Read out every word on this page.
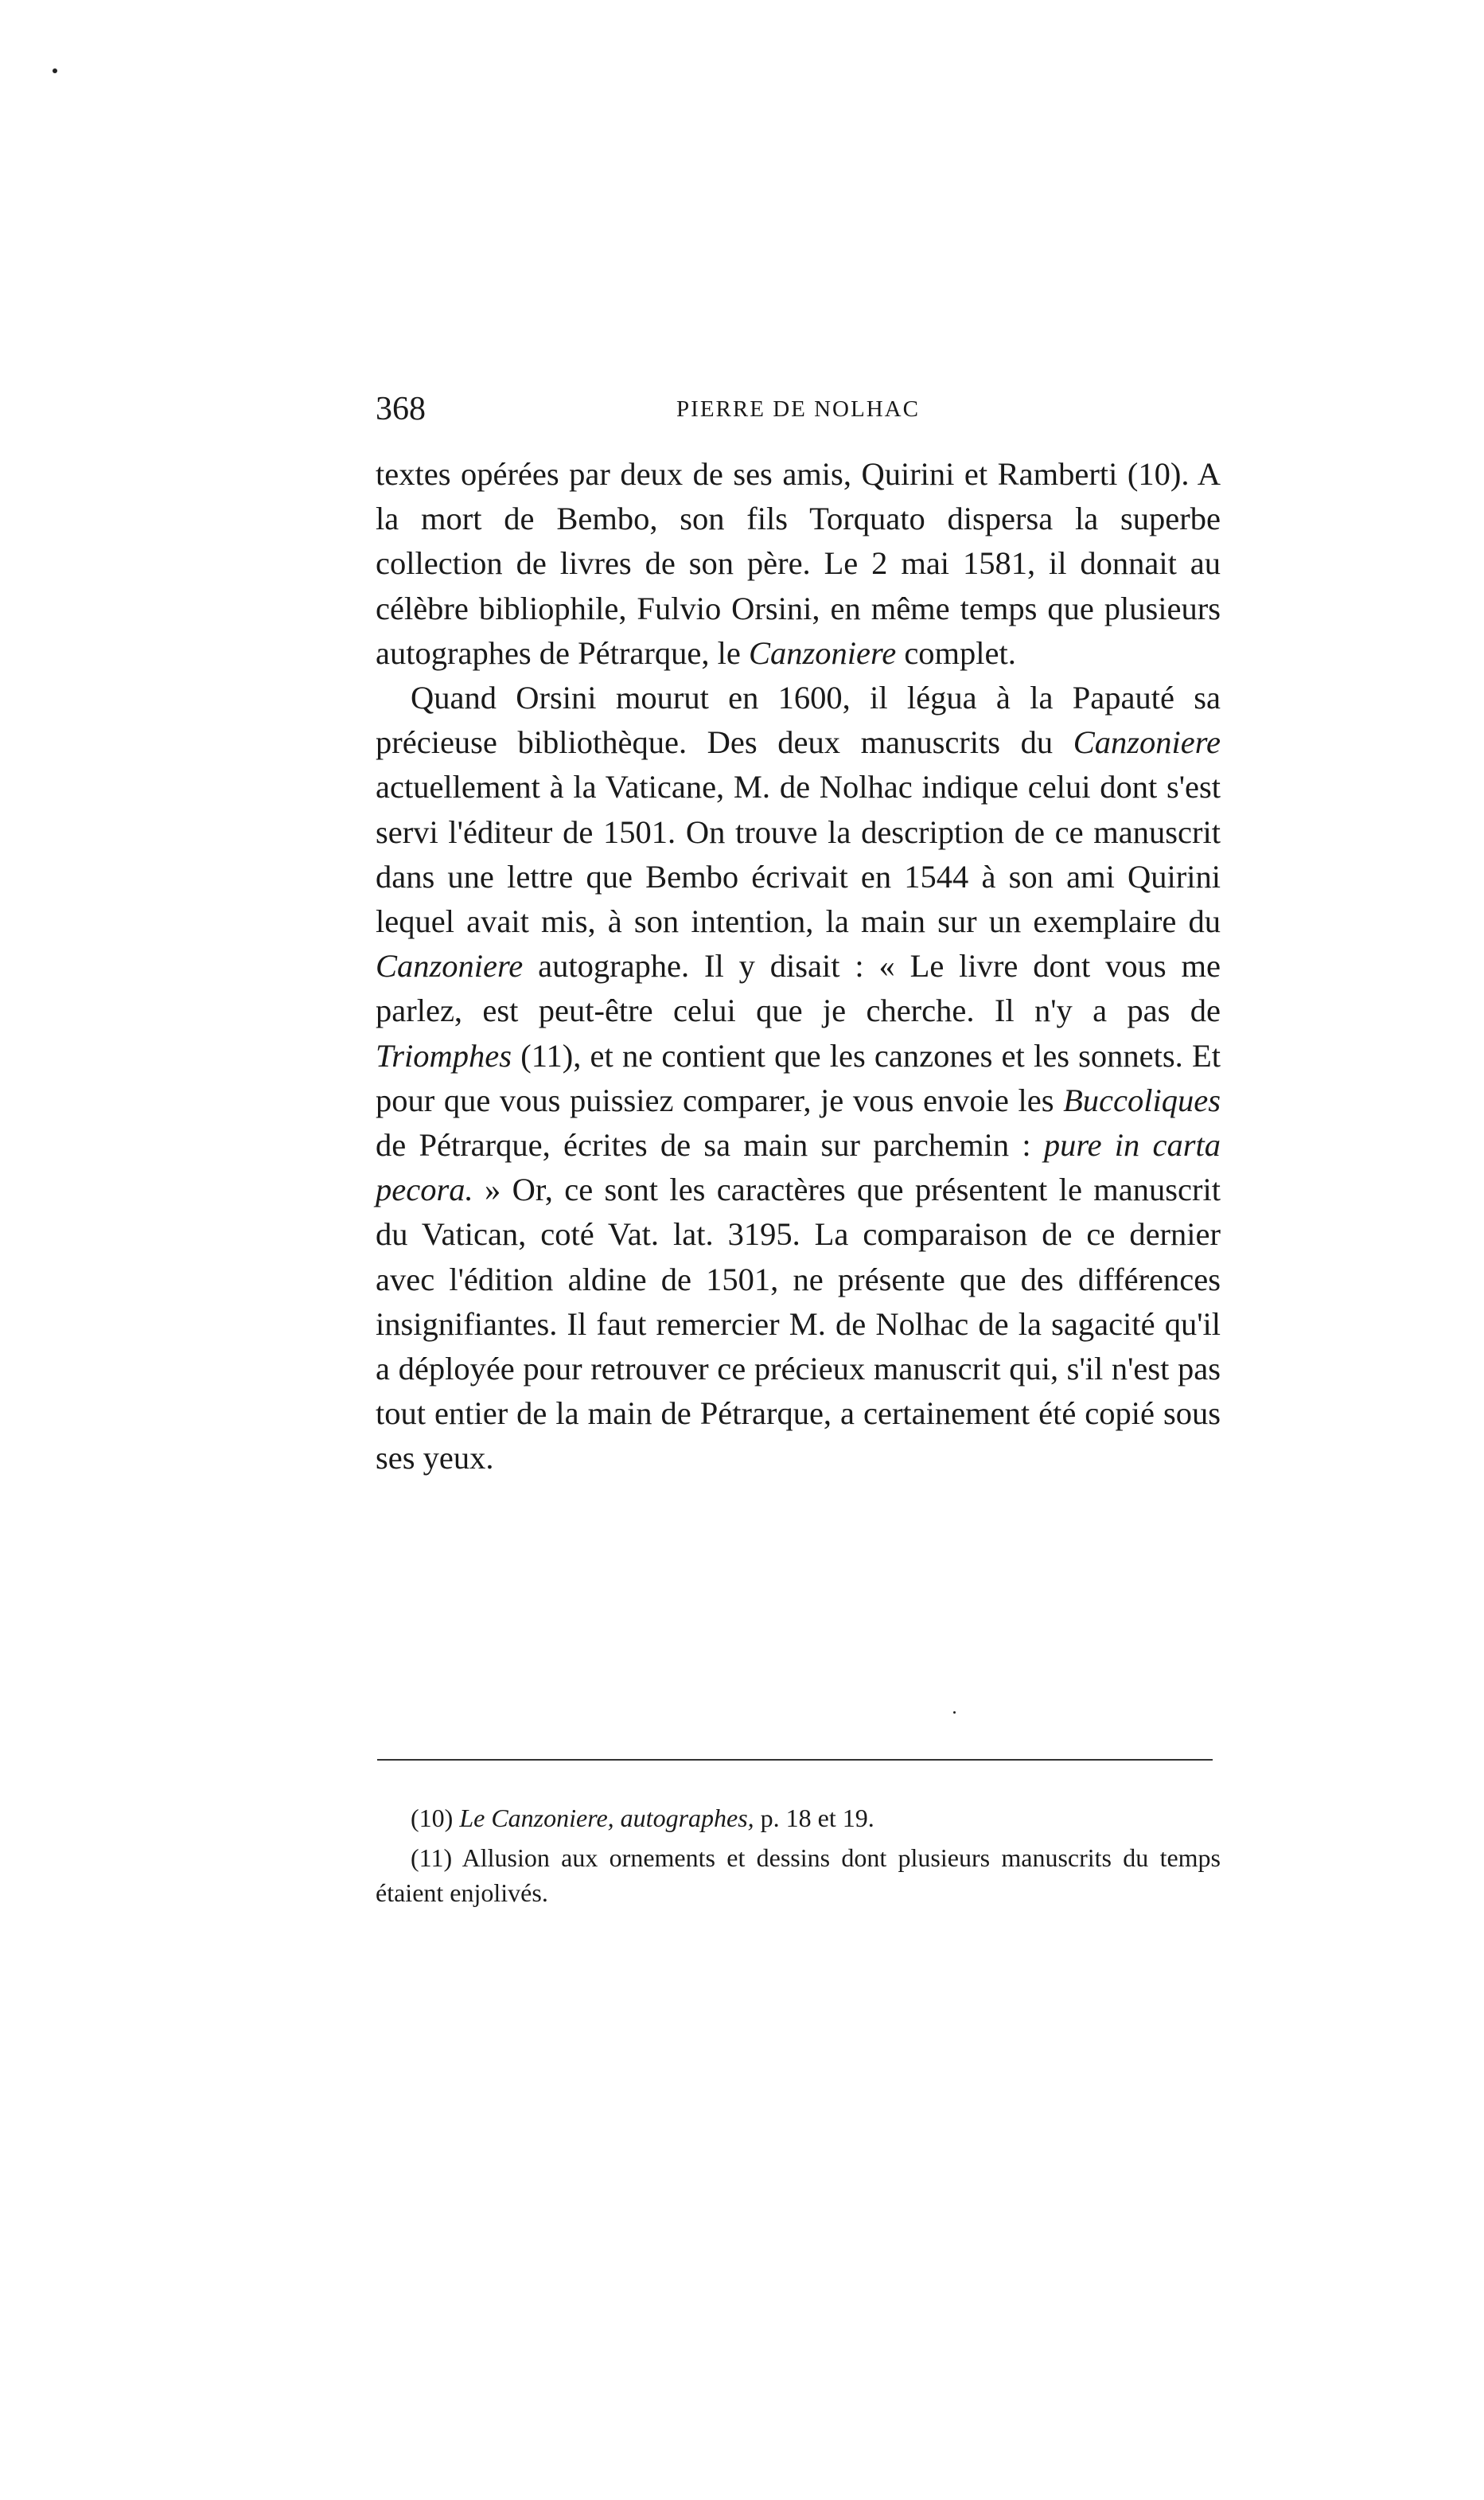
368	PIERRE DE NOLHAC

textes opérées par deux de ses amis, Quirini et Ramberti (10). A la mort de Bembo, son fils Torquato dispersa la superbe collection de livres de son père. Le 2 mai 1581, il donnait au célèbre bibliophile, Fulvio Orsini, en même temps que plusieurs autographes de Pétrarque, le Canzoniere complet.

Quand Orsini mourut en 1600, il légua à la Papauté sa précieuse bibliothèque. Des deux manuscrits du Canzoniere actuellement à la Vaticane, M. de Nolhac indique celui dont s'est servi l'éditeur de 1501. On trouve la description de ce manuscrit dans une lettre que Bembo écrivait en 1544 à son ami Quirini lequel avait mis, à son intention, la main sur un exemplaire du Canzoniere autographe. Il y disait : « Le livre dont vous me parlez, est peut-être celui que je cherche. Il n'y a pas de Triomphes (11), et ne contient que les canzones et les sonnets. Et pour que vous puissiez comparer, je vous envoie les Buccoliques de Pétrarque, écrites de sa main sur parchemin : pure in carta pecora. » Or, ce sont les caractères que présentent le manuscrit du Vatican, coté Vat. lat. 3195. La comparaison de ce dernier avec l'édition aldine de 1501, ne présente que des différences insignifiantes. Il faut remercier M. de Nolhac de la sagacité qu'il a déployée pour retrouver ce précieux manuscrit qui, s'il n'est pas tout entier de la main de Pétrarque, a certainement été copié sous ses yeux.

(10) Le Canzoniere, autographes, p. 18 et 19.

(11) Allusion aux ornements et dessins dont plusieurs manuscrits du temps étaient enjolivés.
